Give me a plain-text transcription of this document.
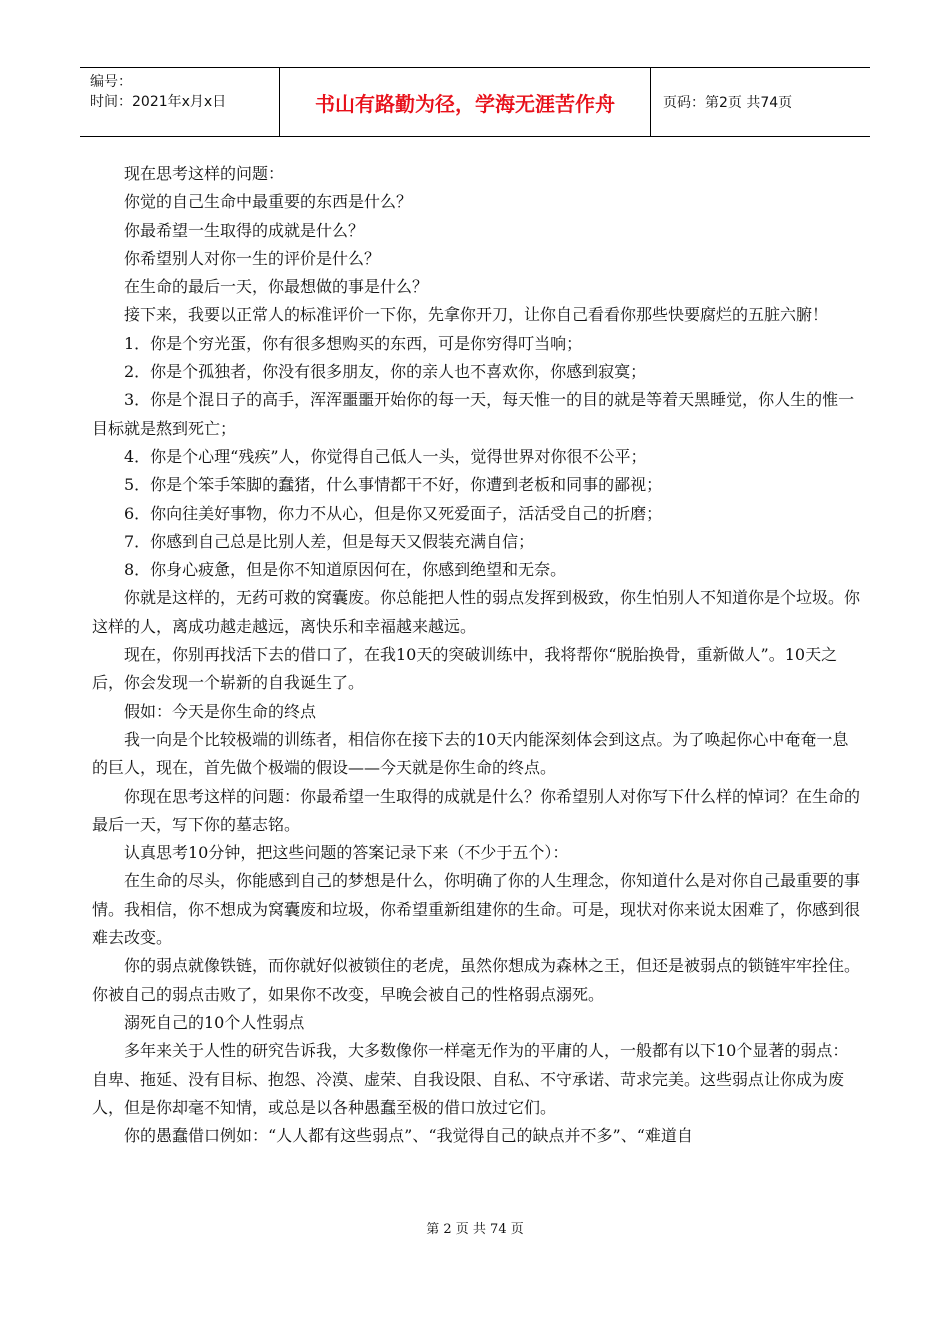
编号：
时间：2021年x月x日	书山有路勤为径，学海无涯苦作舟	页码：第2页 共74页

现在思考这样的问题：

你觉的自己生命中最重要的东西是什么？

你最希望一生取得的成就是什么？

你希望别人对你一生的评价是什么？

在生命的最后一天，你最想做的事是什么？

接下来，我要以正常人的标准评价一下你，先拿你开刀，让你自己看看你那些快要腐烂的五脏六腑！

1．你是个穷光蛋，你有很多想购买的东西，可是你穷得叮当响；

2．你是个孤独者，你没有很多朋友，你的亲人也不喜欢你，你感到寂寞；

3．你是个混日子的高手，浑浑噩噩开始你的每一天，每天惟一的目的就是等着天黑睡觉，你人生的惟一目标就是熬到死亡；

4．你是个心理“残疾”人，你觉得自己低人一头，觉得世界对你很不公平；

5．你是个笨手笨脚的蠢猪，什么事情都干不好，你遭到老板和同事的鄙视；

6．你向往美好事物，你力不从心，但是你又死爱面子，活活受自己的折磨；

7．你感到自己总是比别人差，但是每天又假装充满自信；

8．你身心疲惫，但是你不知道原因何在，你感到绝望和无奈。

你就是这样的，无药可救的窝囊废。你总能把人性的弱点发挥到极致，你生怕别人不知道你是个垃圾。你这样的人，离成功越走越远，离快乐和幸福越来越远。

现在，你别再找活下去的借口了，在我10天的突破训练中，我将帮你“脱胎换骨，重新做人”。10天之后，你会发现一个崭新的自我诞生了。

假如：今天是你生命的终点

我一向是个比较极端的训练者，相信你在接下去的10天内能深刻体会到这点。为了唤起你心中奄奄一息的巨人，现在，首先做个极端的假设——今天就是你生命的终点。

你现在思考这样的问题：你最希望一生取得的成就是什么？你希望别人对你写下什么样的悼词？在生命的最后一天，写下你的墓志铭。

认真思考10分钟，把这些问题的答案记录下来（不少于五个）：

在生命的尽头，你能感到自己的梦想是什么，你明确了你的人生理念，你知道什么是对你自己最重要的事情。我相信，你不想成为窝囊废和垃圾，你希望重新组建你的生命。可是，现状对你来说太困难了，你感到很难去改变。

你的弱点就像铁链，而你就好似被锁住的老虎，虽然你想成为森林之王，但还是被弱点的锁链牢牢拴住。你被自己的弱点击败了，如果你不改变，早晚会被自己的性格弱点溺死。

溺死自己的10个人性弱点

多年来关于人性的研究告诉我，大多数像你一样毫无作为的平庸的人，一般都有以下10个显著的弱点：自卑、拖延、没有目标、抱怨、冷漠、虚荣、自我设限、自私、不守承诺、苛求完美。这些弱点让你成为废人，但是你却毫不知情，或总是以各种愚蠢至极的借口放过它们。

你的愚蠢借口例如：“人人都有这些弱点”、“我觉得自己的缺点并不多”、“难道自

第 2 页 共 74 页
